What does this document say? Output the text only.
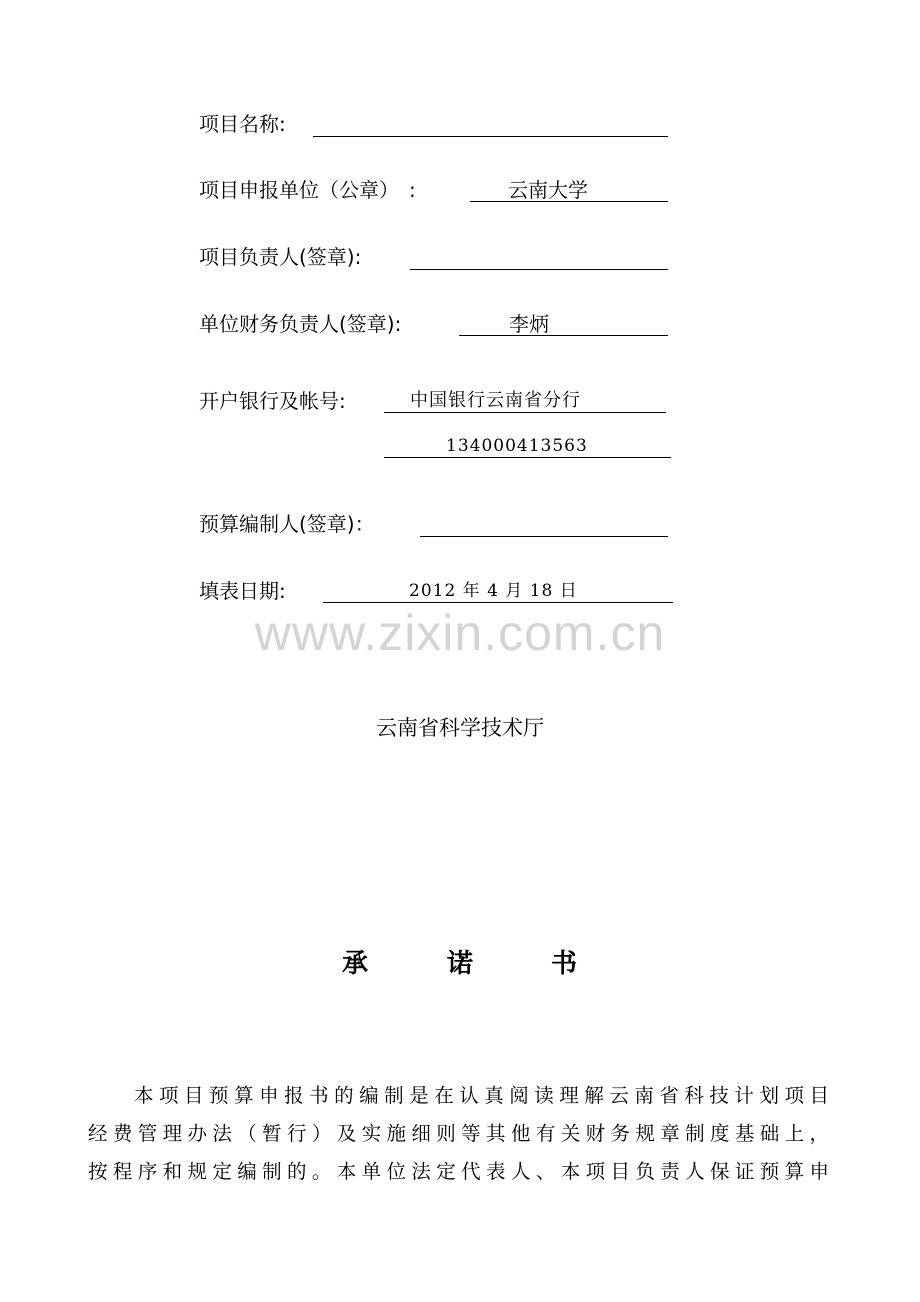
项目名称:
项目申报单位（公章）　:	云南大学
项目负责人(签章):
单位财务负责人(签章):	李炳
开户银行及帐号:	中国银行云南省分行
134000413563
预算编制人(签章)：
填表日期:	2012 年 4 月 18 日
www.zixin.com.cn
云南省科学技术厅
承	诺	书
本项目预算申报书的编制是在认真阅读理解云南省科技计划项目
经费管理办法（暂行）及实施细则等其他有关财务规章制度基础上，
按程序和规定编制的。本单位法定代表人、本项目负责人保证预算申
